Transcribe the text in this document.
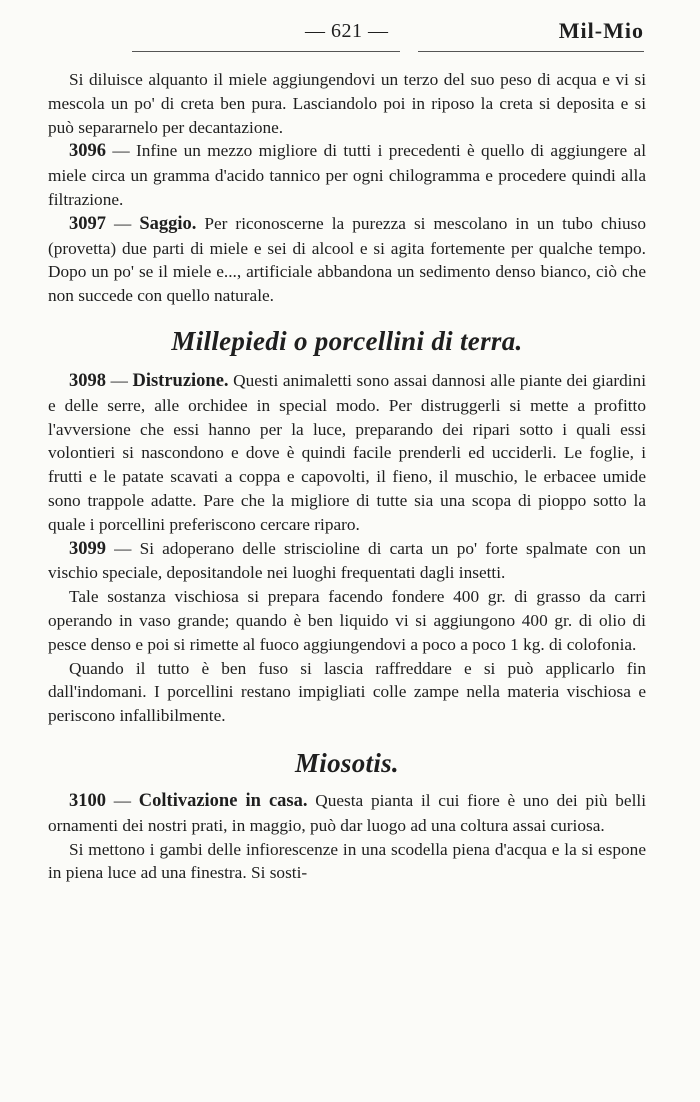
— 621 —	Mil-Mio

Si diluisce alquanto il miele aggiungendovi un terzo del suo peso di acqua e vi si mescola un po' di creta ben pura. Lasciandolo poi in riposo la creta si deposita e si può separarnelo per decantazione.

3096 — Infine un mezzo migliore di tutti i precedenti è quello di aggiungere al miele circa un gramma d'acido tannico per ogni chilogramma e procedere quindi alla filtrazione.

3097 — Saggio. Per riconoscerne la purezza si mescolano in un tubo chiuso (provetta) due parti di miele e sei di alcool e si agita fortemente per qualche tempo. Dopo un po' se il miele e..., artificiale abbandona un sedimento denso bianco, ciò che non succede con quello naturale.

Millepiedi o porcellini di terra.

3098 — Distruzione. Questi animaletti sono assai dannosi alle piante dei giardini e delle serre, alle orchidee in special modo. Per distruggerli si mette a profitto l'avversione che essi hanno per la luce, preparando dei ripari sotto i quali essi volontieri si nascondono e dove è quindi facile prenderli ed ucciderli. Le foglie, i frutti e le patate scavati a coppa e capovolti, il fieno, il muschio, le erbacee umide sono trappole adatte. Pare che la migliore di tutte sia una scopa di pioppo sotto la quale i porcellini preferiscono cercare riparo.

3099 — Si adoperano delle striscioline di carta un po' forte spalmate con un vischio speciale, depositandole nei luoghi frequentati dagli insetti.

Tale sostanza vischiosa si prepara facendo fondere 400 gr. di grasso da carri operando in vaso grande; quando è ben liquido vi si aggiungono 400 gr. di olio di pesce denso e poi si rimette al fuoco aggiungendovi a poco a poco 1 kg. di colofonia.

Quando il tutto è ben fuso si lascia raffreddare e si può applicarlo fin dall'indomani. I porcellini restano impigliati colle zampe nella materia vischiosa e periscono infallibilmente.

Miosotis.

3100 — Coltivazione in casa. Questa pianta il cui fiore è uno dei più belli ornamenti dei nostri prati, in maggio, può dar luogo ad una coltura assai curiosa.

Si mettono i gambi delle infiorescenze in una scodella piena d'acqua e la si espone in piena luce ad una finestra. Si sosti-
